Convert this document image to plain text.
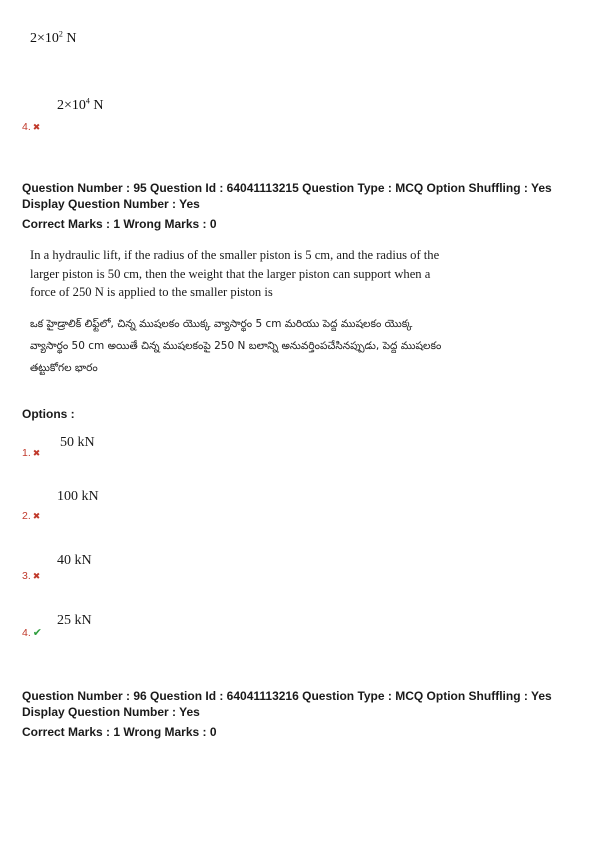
$2\times 10^2$ N
$2\times 10^4$ N
4. ✖
Question Number : 95 Question Id : 64041113215 Question Type : MCQ Option Shuffling : Yes
Display Question Number : Yes
Correct Marks : 1 Wrong Marks : 0
In a hydraulic lift, if the radius of the smaller piston is 5 cm, and the radius of the
larger piston is 50 cm, then the weight that the larger piston can support when a
force of 250 N is applied to the smaller piston is
ఒక హైడ్రాలిక్ లిఫ్ట్‌లో, చిన్న ముషలకం యొక్క వ్యాసార్థం 5 cm మరియు పెద్ద ముషలకం యొక్క
వ్యాసార్థం 50 cm అయితే చిన్న ముషలకంపై 250 N బలాన్ని అనువర్తింపచేసినప్పుడు, పెద్ద ముషలకం
తట్టుకోగల భారం
Options :
50 kN
1. ✖
100 kN
2. ✖
40 kN
3. ✖
25 kN
4. ✔
Question Number : 96 Question Id : 64041113216 Question Type : MCQ Option Shuffling : Yes
Display Question Number : Yes
Correct Marks : 1 Wrong Marks : 0
